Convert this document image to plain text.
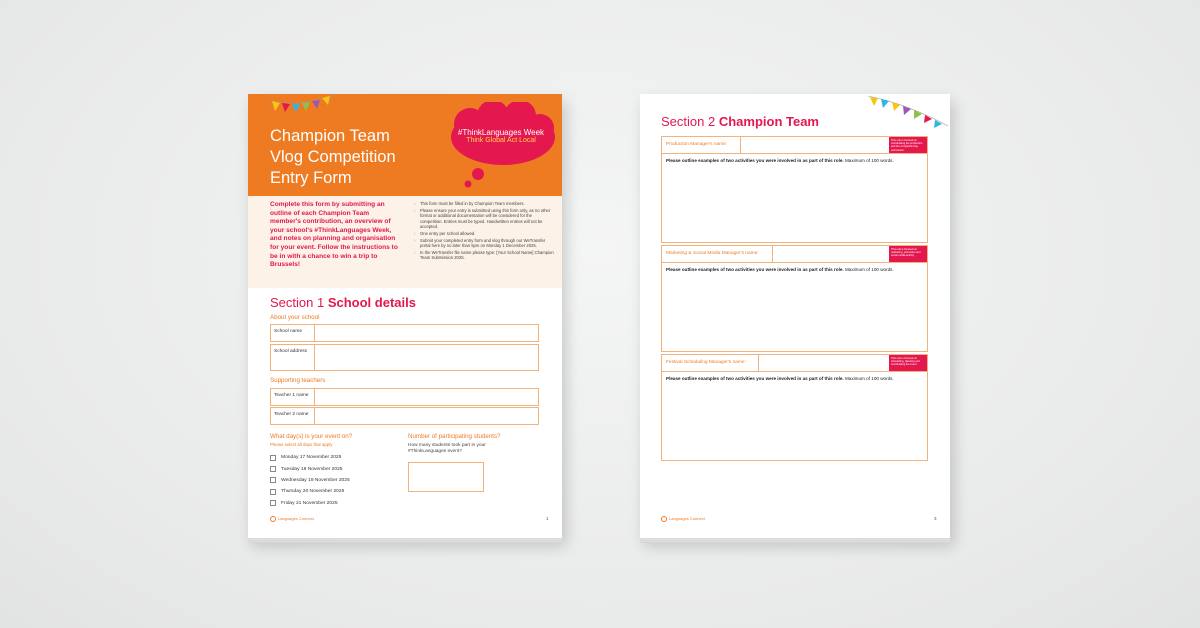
Champion Team
Vlog Competition
Entry Form
#ThinkLanguages Week
Think Global Act Local
Complete this form by submitting an outline of each Champion Team member's contribution, an overview of your school's #ThinkLanguages Week, and notes on planning and organisation for your event. Follow the instructions to be in with a chance to win a trip to Brussels!
› This form must be filled in by Champion Team members.
› Please ensure your entry is submitted using this form only, as no other format or additional documentation will be considered for the competition. Entries must be typed. Handwritten entries will not be accepted.
› One entry per school allowed.
› Submit your completed entry form and vlog through our WeTransfer portal here by no later than 5pm on Monday 1 December 2025.
› In the WeTransfer file name please type: [Your School Name] Champion Team Submission 2025.
Section 1 School details
About your school
School name
School address
Supporting teachers
Teacher 1 name
Teacher 2 name
What day(s) is your event on?
Please select all days that apply
Monday 17 November 2025
Tuesday 18 November 2025
Wednesday 19 November 2025
Thursday 20 November 2025
Friday 21 November 2025
Number of participating students?
How many students took part in your #ThinkLanguages event?
Languages Connect	1
Section 2 Champion Team
Production Manager's name:
This role is focused on coordinating the production and the completed vlog submission.
Please outline examples of two activities you were involved in as part of this role. Maximum of 100 words.
Marketing & Social Media Manager's name:
This role is focused on marketing, promotion and social media activity.
Please outline examples of two activities you were involved in as part of this role. Maximum of 100 words.
Festival Scheduling Manager's name:
This role is focused on scheduling, planning and coordinating the event.
Please outline examples of two activities you were involved in as part of this role. Maximum of 100 words.
Languages Connect	3
